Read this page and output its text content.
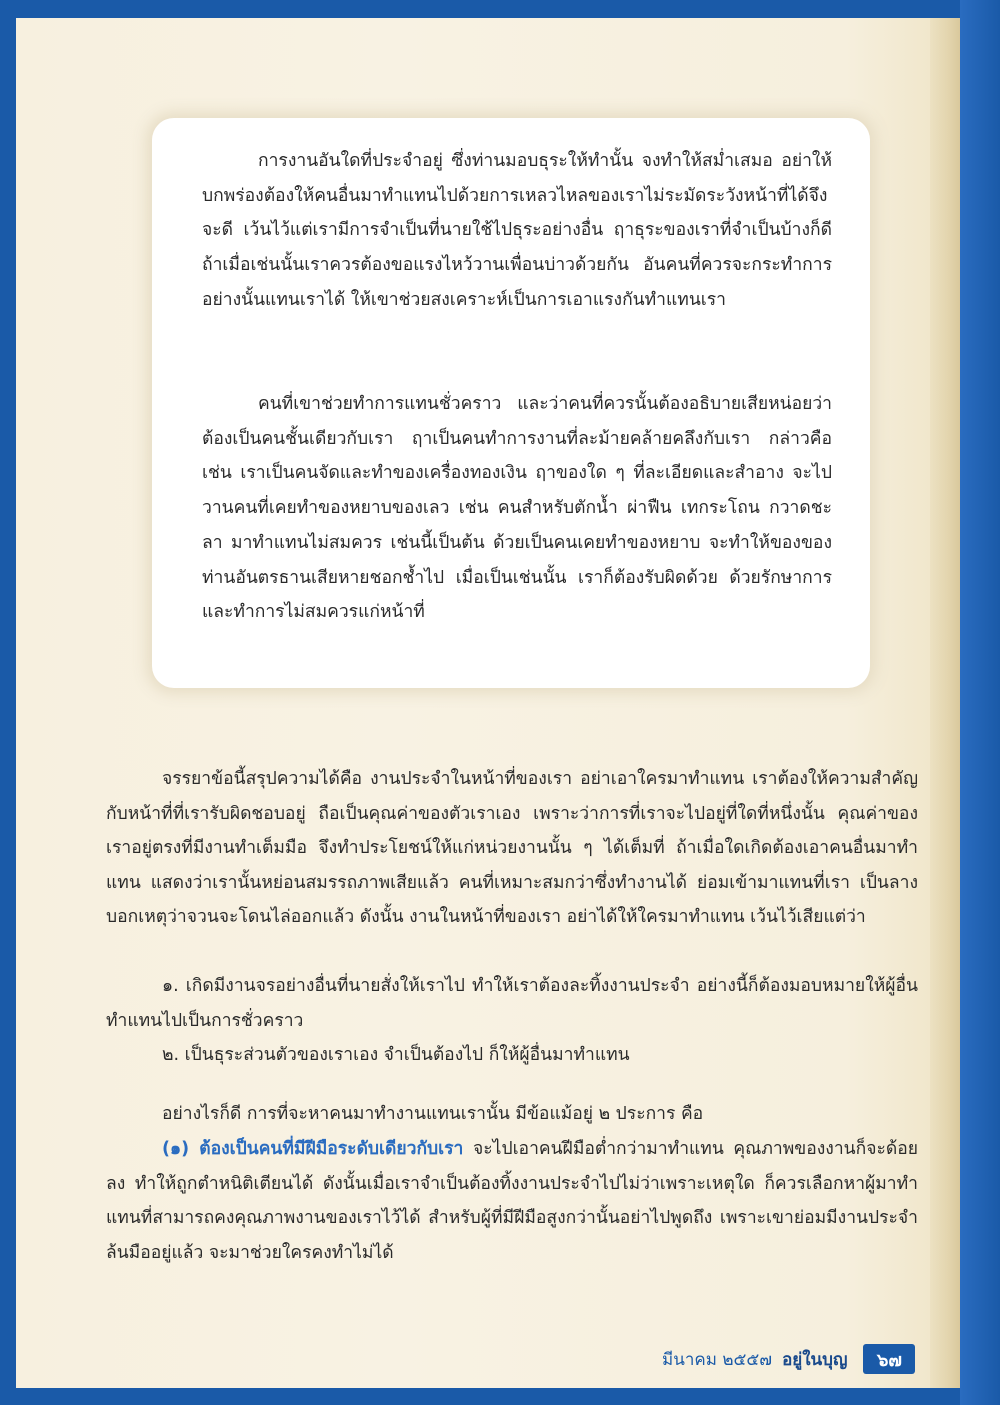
การงานอันใดที่ประจำอยู่ ซึ่งท่านมอบธุระให้ทำนั้น จงทำให้สม่ำเสมอ อย่าให้บกพร่องต้องให้คนอื่นมาทำแทนไปด้วยการเหลวไหลของเราไม่ระมัดระวังหน้าที่ได้จึงจะดี เว้นไว้แต่เรามีการจำเป็นที่นายใช้ไปธุระอย่างอื่น ฤาธุระของเราที่จำเป็นบ้างก็ดี ถ้าเมื่อเช่นนั้นเราควรต้องขอแรงไหว้วานเพื่อนบ่าวด้วยกัน อันคนที่ควรจะกระทำการอย่างนั้นแทนเราได้ ให้เขาช่วยสงเคราะห์เป็นการเอาแรงกันทำแทนเรา

คนที่เขาช่วยทำการแทนชั่วคราว และว่าคนที่ควรนั้นต้องอธิบายเสียหน่อยว่าต้องเป็นคนชั้นเดียวกับเรา ฤาเป็นคนทำการงานที่ละม้ายคล้ายคลึงกับเรา กล่าวคือ เช่น เราเป็นคนจัดและทำของเครื่องทองเงิน ฤาของใด ๆ ที่ละเอียดและสำอาง จะไปวานคนที่เคยทำของหยาบของเลว เช่น คนสำหรับตักน้ำ ผ่าฟืน เทกระโถน กวาดชะลา มาทำแทนไม่สมควร เช่นนี้เป็นต้น ด้วยเป็นคนเคยทำของหยาบ จะทำให้ของของท่านอันตรธานเสียหายชอกช้ำไป เมื่อเป็นเช่นนั้น เราก็ต้องรับผิดด้วย ด้วยรักษาการและทำการไม่สมควรแก่หน้าที่

จรรยาข้อนี้สรุปความได้คือ งานประจำในหน้าที่ของเรา อย่าเอาใครมาทำแทน เราต้องให้ความสำคัญกับหน้าที่ที่เรารับผิดชอบอยู่ ถือเป็นคุณค่าของตัวเราเอง เพราะว่าการที่เราจะไปอยู่ที่ใดที่หนึ่งนั้น คุณค่าของเราอยู่ตรงที่มีงานทำเต็มมือ จึงทำประโยชน์ให้แก่หน่วยงานนั้น ๆ ได้เต็มที่ ถ้าเมื่อใดเกิดต้องเอาคนอื่นมาทำแทน แสดงว่าเรานั้นหย่อนสมรรถภาพเสียแล้ว คนที่เหมาะสมกว่าซึ่งทำงานได้ ย่อมเข้ามาแทนที่เรา เป็นลางบอกเหตุว่าจวนจะโดนไล่ออกแล้ว ดังนั้น งานในหน้าที่ของเรา อย่าได้ให้ใครมาทำแทน เว้นไว้เสียแต่ว่า

๑. เกิดมีงานจรอย่างอื่นที่นายสั่งให้เราไป ทำให้เราต้องละทิ้งงานประจำ อย่างนี้ก็ต้องมอบหมายให้ผู้อื่นทำแทนไปเป็นการชั่วคราว

๒. เป็นธุระส่วนตัวของเราเอง จำเป็นต้องไป ก็ให้ผู้อื่นมาทำแทน

อย่างไรก็ดี การที่จะหาคนมาทำงานแทนเรานั้น มีข้อแม้อยู่ ๒ ประการ คือ

(๑) ต้องเป็นคนที่มีฝีมือระดับเดียวกับเรา จะไปเอาคนฝีมือต่ำกว่ามาทำแทน คุณภาพของงานก็จะด้อยลง ทำให้ถูกตำหนิติเตียนได้ ดังนั้นเมื่อเราจำเป็นต้องทิ้งงานประจำไปไม่ว่าเพราะเหตุใด ก็ควรเลือกหาผู้มาทำแทนที่สามารถคงคุณภาพงานของเราไว้ได้ สำหรับผู้ที่มีฝีมือสูงกว่านั้นอย่าไปพูดถึง เพราะเขาย่อมมีงานประจำล้นมืออยู่แล้ว จะมาช่วยใครคงทำไม่ได้

มีนาคม ๒๕๕๗ อยู่ในบุญ	๖๗
